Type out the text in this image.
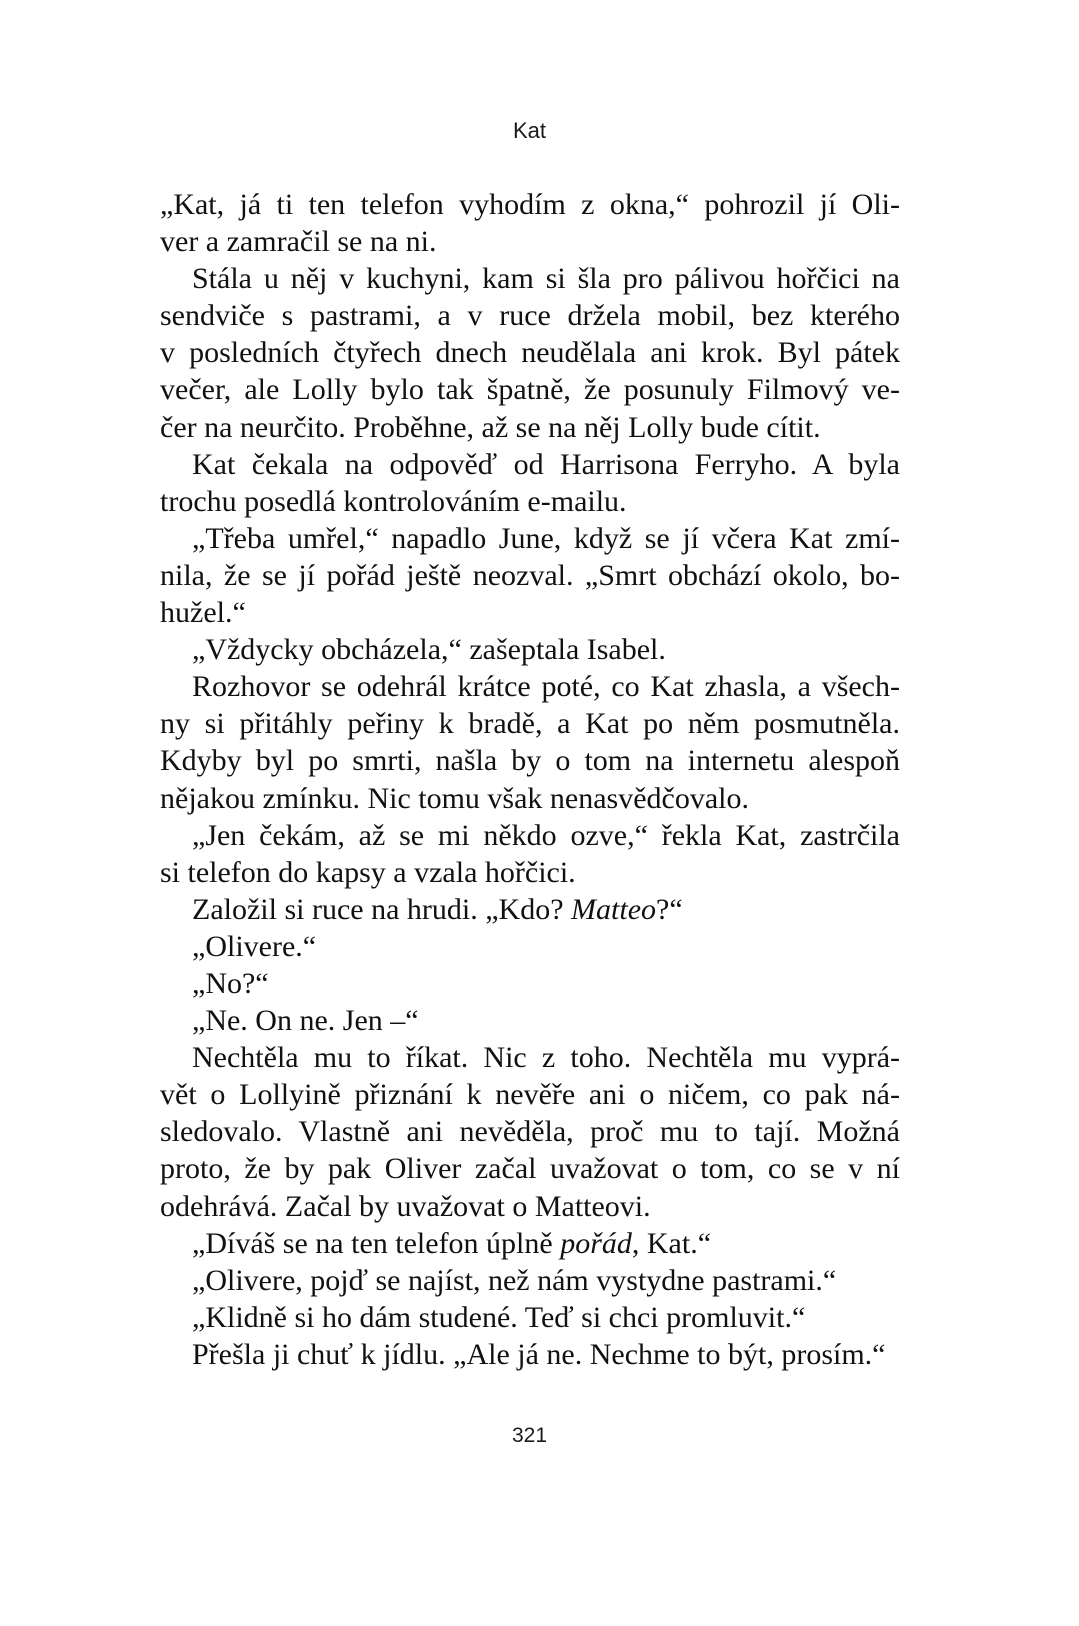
Kat
„Kat, já ti ten telefon vyhodím z okna,“ pohrozil jí Oli-
ver a zamračil se na ni.
Stála u něj v kuchyni, kam si šla pro pálivou hořčici na
sendviče s pastrami, a v ruce držela mobil, bez kterého
v posledních čtyřech dnech neudělala ani krok. Byl pátek
večer, ale Lolly bylo tak špatně, že posunuly Filmový ve-
čer na neurčito. Proběhne, až se na něj Lolly bude cítit.
Kat čekala na odpověď od Harrisona Ferryho. A byla
trochu posedlá kontrolováním e-mailu.
„Třeba umřel,“ napadlo June, když se jí včera Kat zmí-
nila, že se jí pořád ještě neozval. „Smrt obchází okolo, bo-
hužel.“
„Vždycky obcházela,“ zašeptala Isabel.
Rozhovor se odehrál krátce poté, co Kat zhasla, a všech-
ny si přitáhly peřiny k bradě, a Kat po něm posmutněla.
Kdyby byl po smrti, našla by o tom na internetu alespoň
nějakou zmínku. Nic tomu však nenasvědčovalo.
„Jen čekám, až se mi někdo ozve,“ řekla Kat, zastrčila
si telefon do kapsy a vzala hořčici.
Založil si ruce na hrudi. „Kdo? Matteo?“
„Olivere.“
„No?“
„Ne. On ne. Jen –“
Nechtěla mu to říkat. Nic z toho. Nechtěla mu vyprá-
vět o Lollyině přiznání k nevěře ani o ničem, co pak ná-
sledovalo. Vlastně ani nevěděla, proč mu to tají. Možná
proto, že by pak Oliver začal uvažovat o tom, co se v ní
odehrává. Začal by uvažovat o Matteovi.
„Díváš se na ten telefon úplně pořád, Kat.“
„Olivere, pojď se najíst, než nám vystydne pastrami.“
„Klidně si ho dám studené. Teď si chci promluvit.“
Přešla ji chuť k jídlu. „Ale já ne. Nechme to být, prosím.“
321
